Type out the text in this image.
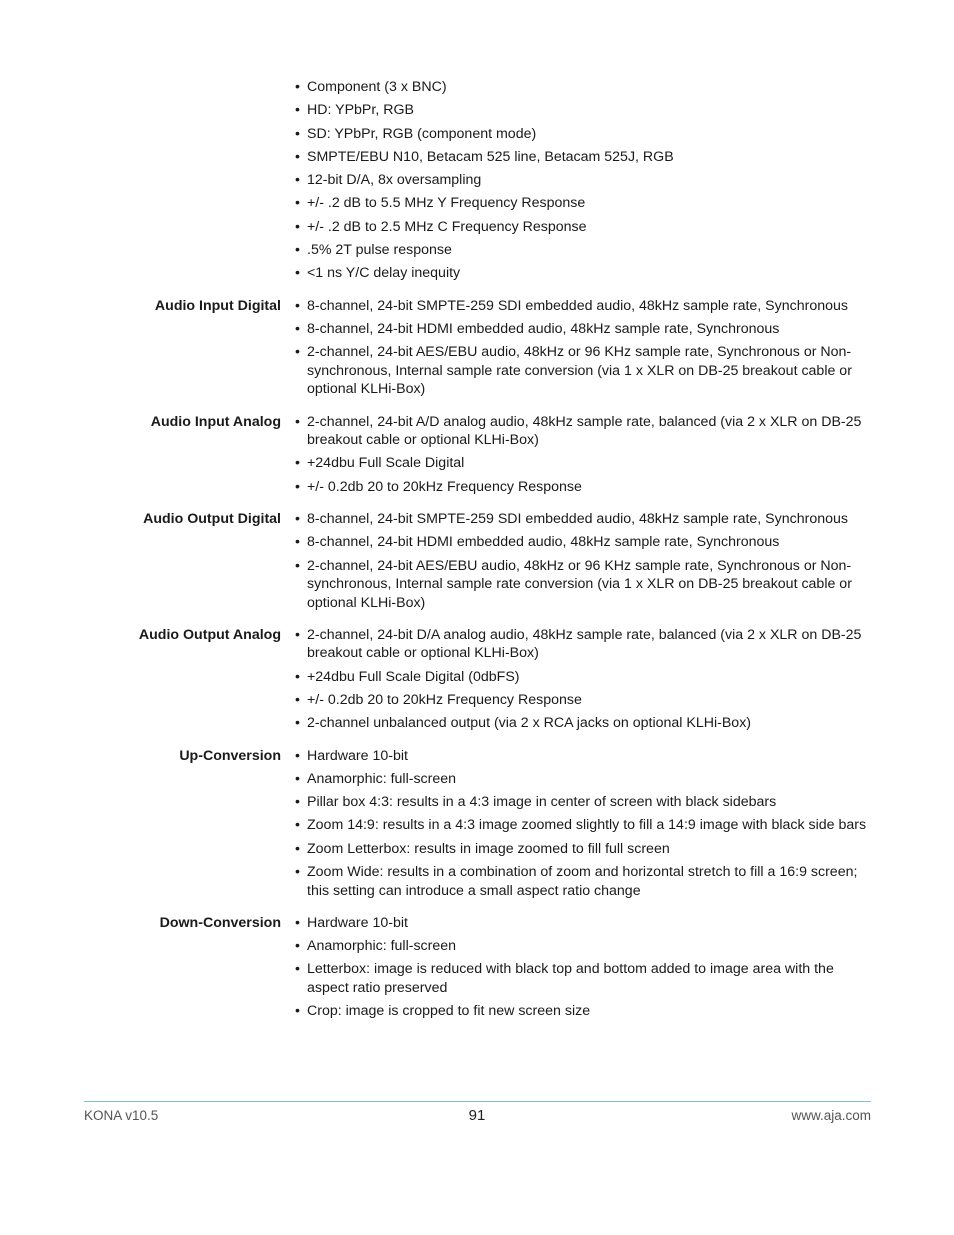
• Component (3 x BNC)
• HD: YPbPr, RGB
• SD: YPbPr, RGB (component mode)
• SMPTE/EBU N10, Betacam 525 line, Betacam 525J, RGB
• 12-bit D/A, 8x oversampling
• +/- .2 dB to 5.5 MHz Y Frequency Response
• +/- .2 dB to 2.5 MHz C Frequency Response
• .5% 2T pulse response
• <1 ns Y/C delay inequity
Audio Input Digital • 8-channel, 24-bit SMPTE-259 SDI embedded audio, 48kHz sample rate, Synchronous
• 8-channel, 24-bit HDMI embedded audio, 48kHz sample rate, Synchronous
• 2-channel, 24-bit AES/EBU audio, 48kHz or 96 KHz sample rate, Synchronous or Non-synchronous, Internal sample rate conversion (via 1 x XLR on DB-25 breakout cable or optional KLHi-Box)
Audio Input Analog • 2-channel, 24-bit A/D analog audio, 48kHz sample rate, balanced (via 2 x XLR on DB-25 breakout cable or optional KLHi-Box)
• +24dbu Full Scale Digital
• +/- 0.2db 20 to 20kHz Frequency Response
Audio Output Digital • 8-channel, 24-bit SMPTE-259 SDI embedded audio, 48kHz sample rate, Synchronous
• 8-channel, 24-bit HDMI embedded audio, 48kHz sample rate, Synchronous
• 2-channel, 24-bit AES/EBU audio, 48kHz or 96 KHz sample rate, Synchronous or Non-synchronous, Internal sample rate conversion (via 1 x XLR on DB-25 breakout cable or optional KLHi-Box)
Audio Output Analog • 2-channel, 24-bit D/A analog audio, 48kHz sample rate, balanced (via 2 x XLR on DB-25 breakout cable or optional KLHi-Box)
• +24dbu Full Scale Digital (0dbFS)
• +/- 0.2db 20 to 20kHz Frequency Response
• 2-channel unbalanced output (via 2 x RCA jacks on optional KLHi-Box)
Up-Conversion • Hardware 10-bit
• Anamorphic: full-screen
• Pillar box 4:3: results in a 4:3 image in center of screen with black sidebars
• Zoom 14:9: results in a 4:3 image zoomed slightly to fill a 14:9 image with black side bars
• Zoom Letterbox: results in image zoomed to fill full screen
• Zoom Wide: results in a combination of zoom and horizontal stretch to fill a 16:9 screen; this setting can introduce a small aspect ratio change
Down-Conversion • Hardware 10-bit
• Anamorphic: full-screen
• Letterbox: image is reduced with black top and bottom added to image area with the aspect ratio preserved
• Crop: image is cropped to fit new screen size
KONA v10.5	91	www.aja.com
